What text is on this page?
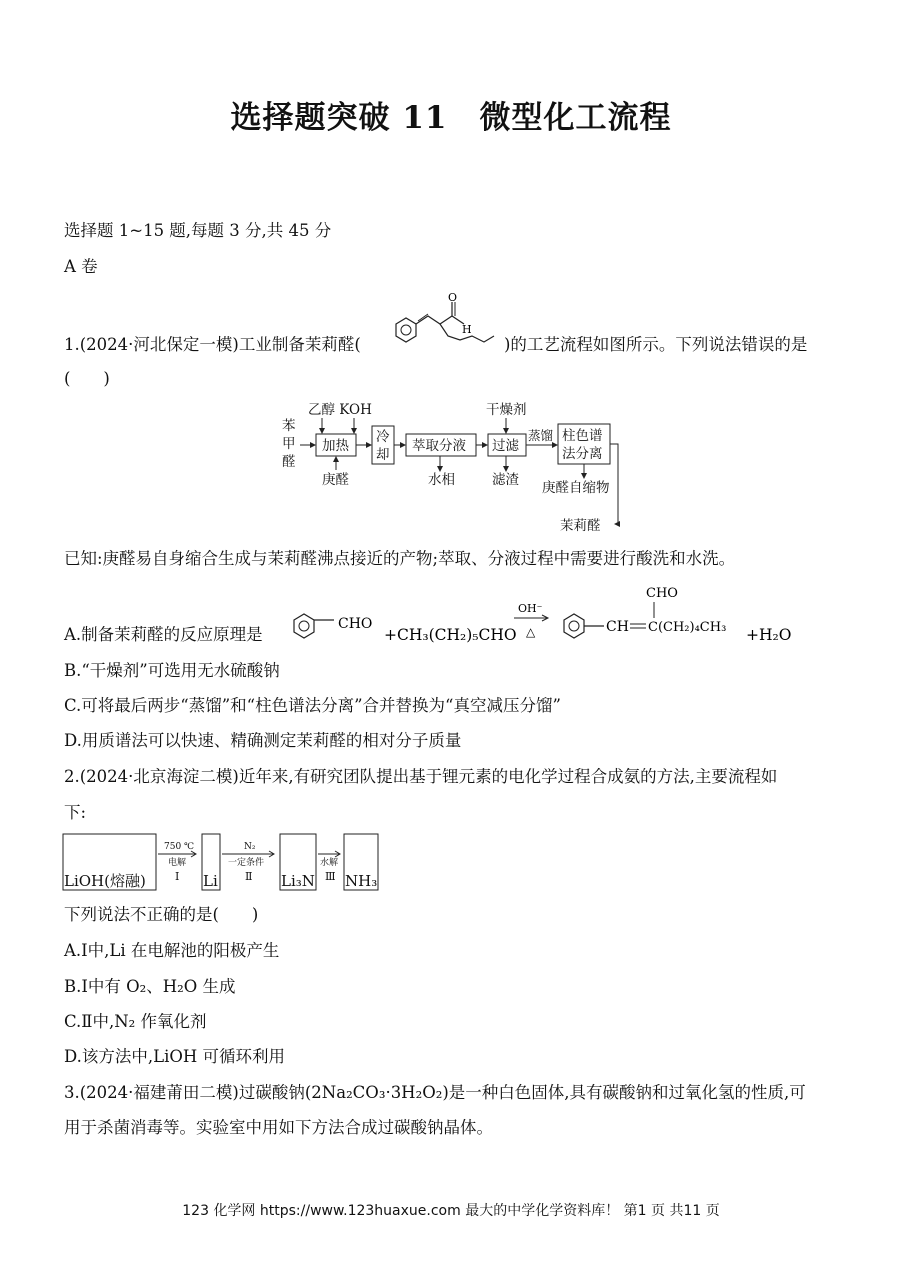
选择题突破 11　微型化工流程
选择题 1~15 题,每题 3 分,共 45 分
A 卷
1.(2024·河北保定一模)工业制备茉莉醛(
O
H
)的工艺流程如图所示。下列说法错误的是
(　　)
苯
甲
醛
乙醇 KOH
加热
冷
却
萃取分液
干燥剂
过滤
蒸馏 柱色谱
法分离
庚醛	水相	滤渣 庚醛自缩物
茉莉醛
已知:庚醛易自身缩合生成与茉莉醛沸点接近的产物;萃取、分液过程中需要进行酸洗和水洗。
A.制备茉莉醛的反应原理是
CHO
+CH₃(CH₂)₅CHO
OH⁻
△	CH C(CH₂)₄CH₃
CHO
+H₂O
B.“干燥剂”可选用无水硫酸钠
C.可将最后两步“蒸馏”和“柱色谱法分离”合并替换为“真空减压分馏”
D.用质谱法可以快速、精确测定茉莉醛的相对分子质量
2.(2024·北京海淀二模)近年来,有研究团队提出基于锂元素的电化学过程合成氨的方法,主要流程如
下:
LiOH(熔融)
750 ℃
电解
Ⅰ Li
N₂
一定条件
Ⅱ Li₃N
水解
Ⅲ NH₃
下列说法不正确的是(　　)
A.Ⅰ中,Li 在电解池的阳极产生
B.Ⅰ中有 O₂、H₂O 生成
C.Ⅱ中,N₂ 作氧化剂
D.该方法中,LiOH 可循环利用
3.(2024·福建莆田二模)过碳酸钠(2Na₂CO₃·3H₂O₂)是一种白色固体,具有碳酸钠和过氧化氢的性质,可
用于杀菌消毒等。实验室中用如下方法合成过碳酸钠晶体。
123 化学网 https://www.123huaxue.com 最大的中学化学资料库！ 第1 页 共11 页
